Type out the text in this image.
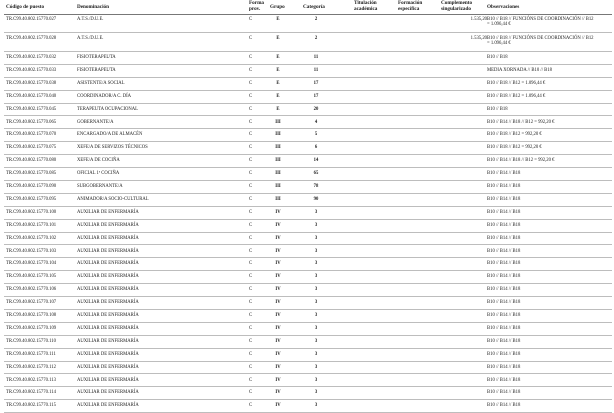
Código de puesto	Denominación
Forma
prov.	Grupo	Categoría
Titulación
académica
Formación
específica
Complemento
singularizado	Observaciones
TR.C99.40.802.15770.027	A.T.S./D.U.E.	C	E	2	1.535,20 B10 // B18 // FUNCIÓNS DE COORDINACIÓN // B12
= 1.096,44 €
TR.C99.40.802.15770.028	A.T.S./D.U.E.	C	E	2	1.535,20 B10 // B18 // FUNCIÓNS DE COORDINACIÓN // B12
= 1.096,44 €
TR.C99.40.802.15770.032	FISIOTERAPEUTA	C	E	11	B10 // B18
TR.C99.40.802.15770.033	FISIOTERAPEUTA	C	E	11	MEDIA XORNADA // B10 // B18
TR.C99.40.802.15770.038	ASISTENTE/A SOCIAL	C	E	17	B10 // B18 // B12 = 1.096,44 €
TR.C99.40.802.15770.040	COORDINADOR/A C. DÍA	C	E	17	B10 // B18 // B12 = 1.096,44 €
TR.C99.40.802.15770.045	TERAPEUTA OCUPACIONAL	C	E	20	B10 // B18
TR.C99.40.802.15770.065	GOBERNANTE/A	C	III	4	B10 // B14 // B18 // B12 = 992,20 €
TR.C99.40.802.15770.070	ENCARGADO/A DE ALMACÉN	C	III	5	B10 // B18 // B12 = 992,20 €
TR.C99.40.802.15770.075	XEFE/A DE SERVIZOS TÉCNICOS	C	III	6	B10 // B18 // B12 = 992,20 €
TR.C99.40.802.15770.080	XEFE/A DE COCIÑA	C	III	14	B10 // B14 // B18 // B12 = 992,20 €
TR.C99.40.802.15770.085	OFICIAL 1ª COCIÑA	C	III	65	B10 // B14 // B18
TR.C99.40.802.15770.090	SUBGOBERNANTE/A	C	III	78	B10 // B14 // B18
TR.C99.40.802.15770.095	ANIMADOR/A SOCIO-CULTURAL	C	III	90	B10 // B14 // B18
TR.C99.40.802.15770.100	AUXILIAR DE ENFERMARÍA	C	IV	3	B10 // B14 // B18
TR.C99.40.802.15770.101	AUXILIAR DE ENFERMARÍA	C	IV	3	B10 // B14 // B18
TR.C99.40.802.15770.102	AUXILIAR DE ENFERMARÍA	C	IV	3	B10 // B14 // B18
TR.C99.40.802.15770.103	AUXILIAR DE ENFERMARÍA	C	IV	3	B10 // B14 // B18
TR.C99.40.802.15770.104	AUXILIAR DE ENFERMARÍA	C	IV	3	B10 // B14 // B18
TR.C99.40.802.15770.105	AUXILIAR DE ENFERMARÍA	C	IV	3	B10 // B14 // B18
TR.C99.40.802.15770.106	AUXILIAR DE ENFERMARÍA	C	IV	3	B10 // B14 // B18
TR.C99.40.802.15770.107	AUXILIAR DE ENFERMARÍA	C	IV	3	B10 // B14 // B18
TR.C99.40.802.15770.108	AUXILIAR DE ENFERMARÍA	C	IV	3	B10 // B14 // B18
TR.C99.40.802.15770.109	AUXILIAR DE ENFERMARÍA	C	IV	3	B10 // B14 // B18
TR.C99.40.802.15770.110	AUXILIAR DE ENFERMARÍA	C	IV	3	B10 // B14 // B18
TR.C99.40.802.15770.111	AUXILIAR DE ENFERMARÍA	C	IV	3	B10 // B14 // B18
TR.C99.40.802.15770.112	AUXILIAR DE ENFERMARÍA	C	IV	3	B10 // B14 // B18
TR.C99.40.802.15770.113	AUXILIAR DE ENFERMARÍA	C	IV	3	B10 // B14 // B18
TR.C99.40.802.15770.114	AUXILIAR DE ENFERMARÍA	C	IV	3	B10 // B14 // B18
TR.C99.40.802.15770.115	AUXILIAR DE ENFERMARÍA	C	IV	3	B10 // B14 // B18
